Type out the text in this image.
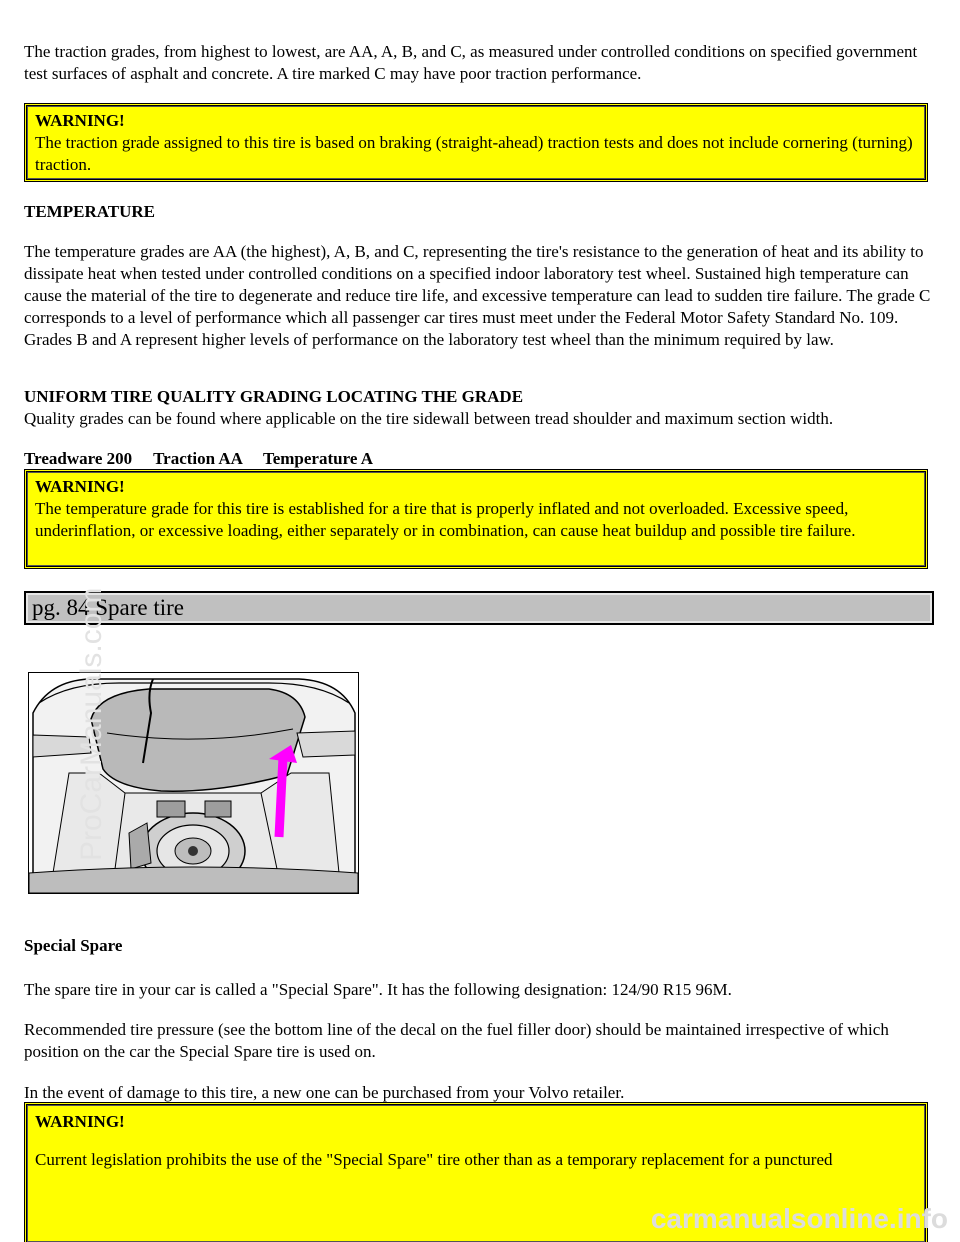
The traction grades, from highest to lowest, are AA, A, B, and C, as measured under controlled conditions on specified government test surfaces of asphalt and concrete. A tire marked C may have poor traction performance.

WARNING!
The traction grade assigned to this tire is based on braking (straight-ahead) traction tests and does not include cornering (turning) traction.

TEMPERATURE

The temperature grades are AA (the highest), A, B, and C, representing the tire's resistance to the generation of heat and its ability to dissipate heat when tested under controlled conditions on a specified indoor laboratory test wheel. Sustained high temperature can cause the material of the tire to degenerate and reduce tire life, and excessive temperature can lead to sudden tire failure. The grade C corresponds to a level of performance which all passenger car tires must meet under the Federal Motor Safety Standard No. 109. Grades B and A represent higher levels of performance on the laboratory test wheel than the minimum required by law.

UNIFORM TIRE QUALITY GRADING LOCATING THE GRADE

Quality grades can be found where applicable on the tire sidewall between tread shoulder and maximum section width.

Treadware 200     Traction AA     Temperature A

WARNING!
The temperature grade for this tire is established for a tire that is properly inflated and not overloaded. Excessive speed, underinflation, or excessive loading, either separately or in combination, can cause heat buildup and possible tire failure.
pg. 84 Spare tire

Special Spare

The spare tire in your car is called a "Special Spare". It has the following designation: 124/90 R15 96M.

Recommended tire pressure (see the bottom line of the decal on the fuel filler door) should be maintained irrespective of which position on the car the Special Spare tire is used on.

In the event of damage to this tire, a new one can be purchased from your Volvo retailer.

WARNING!
Current legislation prohibits the use of the "Special Spare" tire other than as a temporary replacement for a punctured
ProCarManuals.com
carmanualsonline.info
